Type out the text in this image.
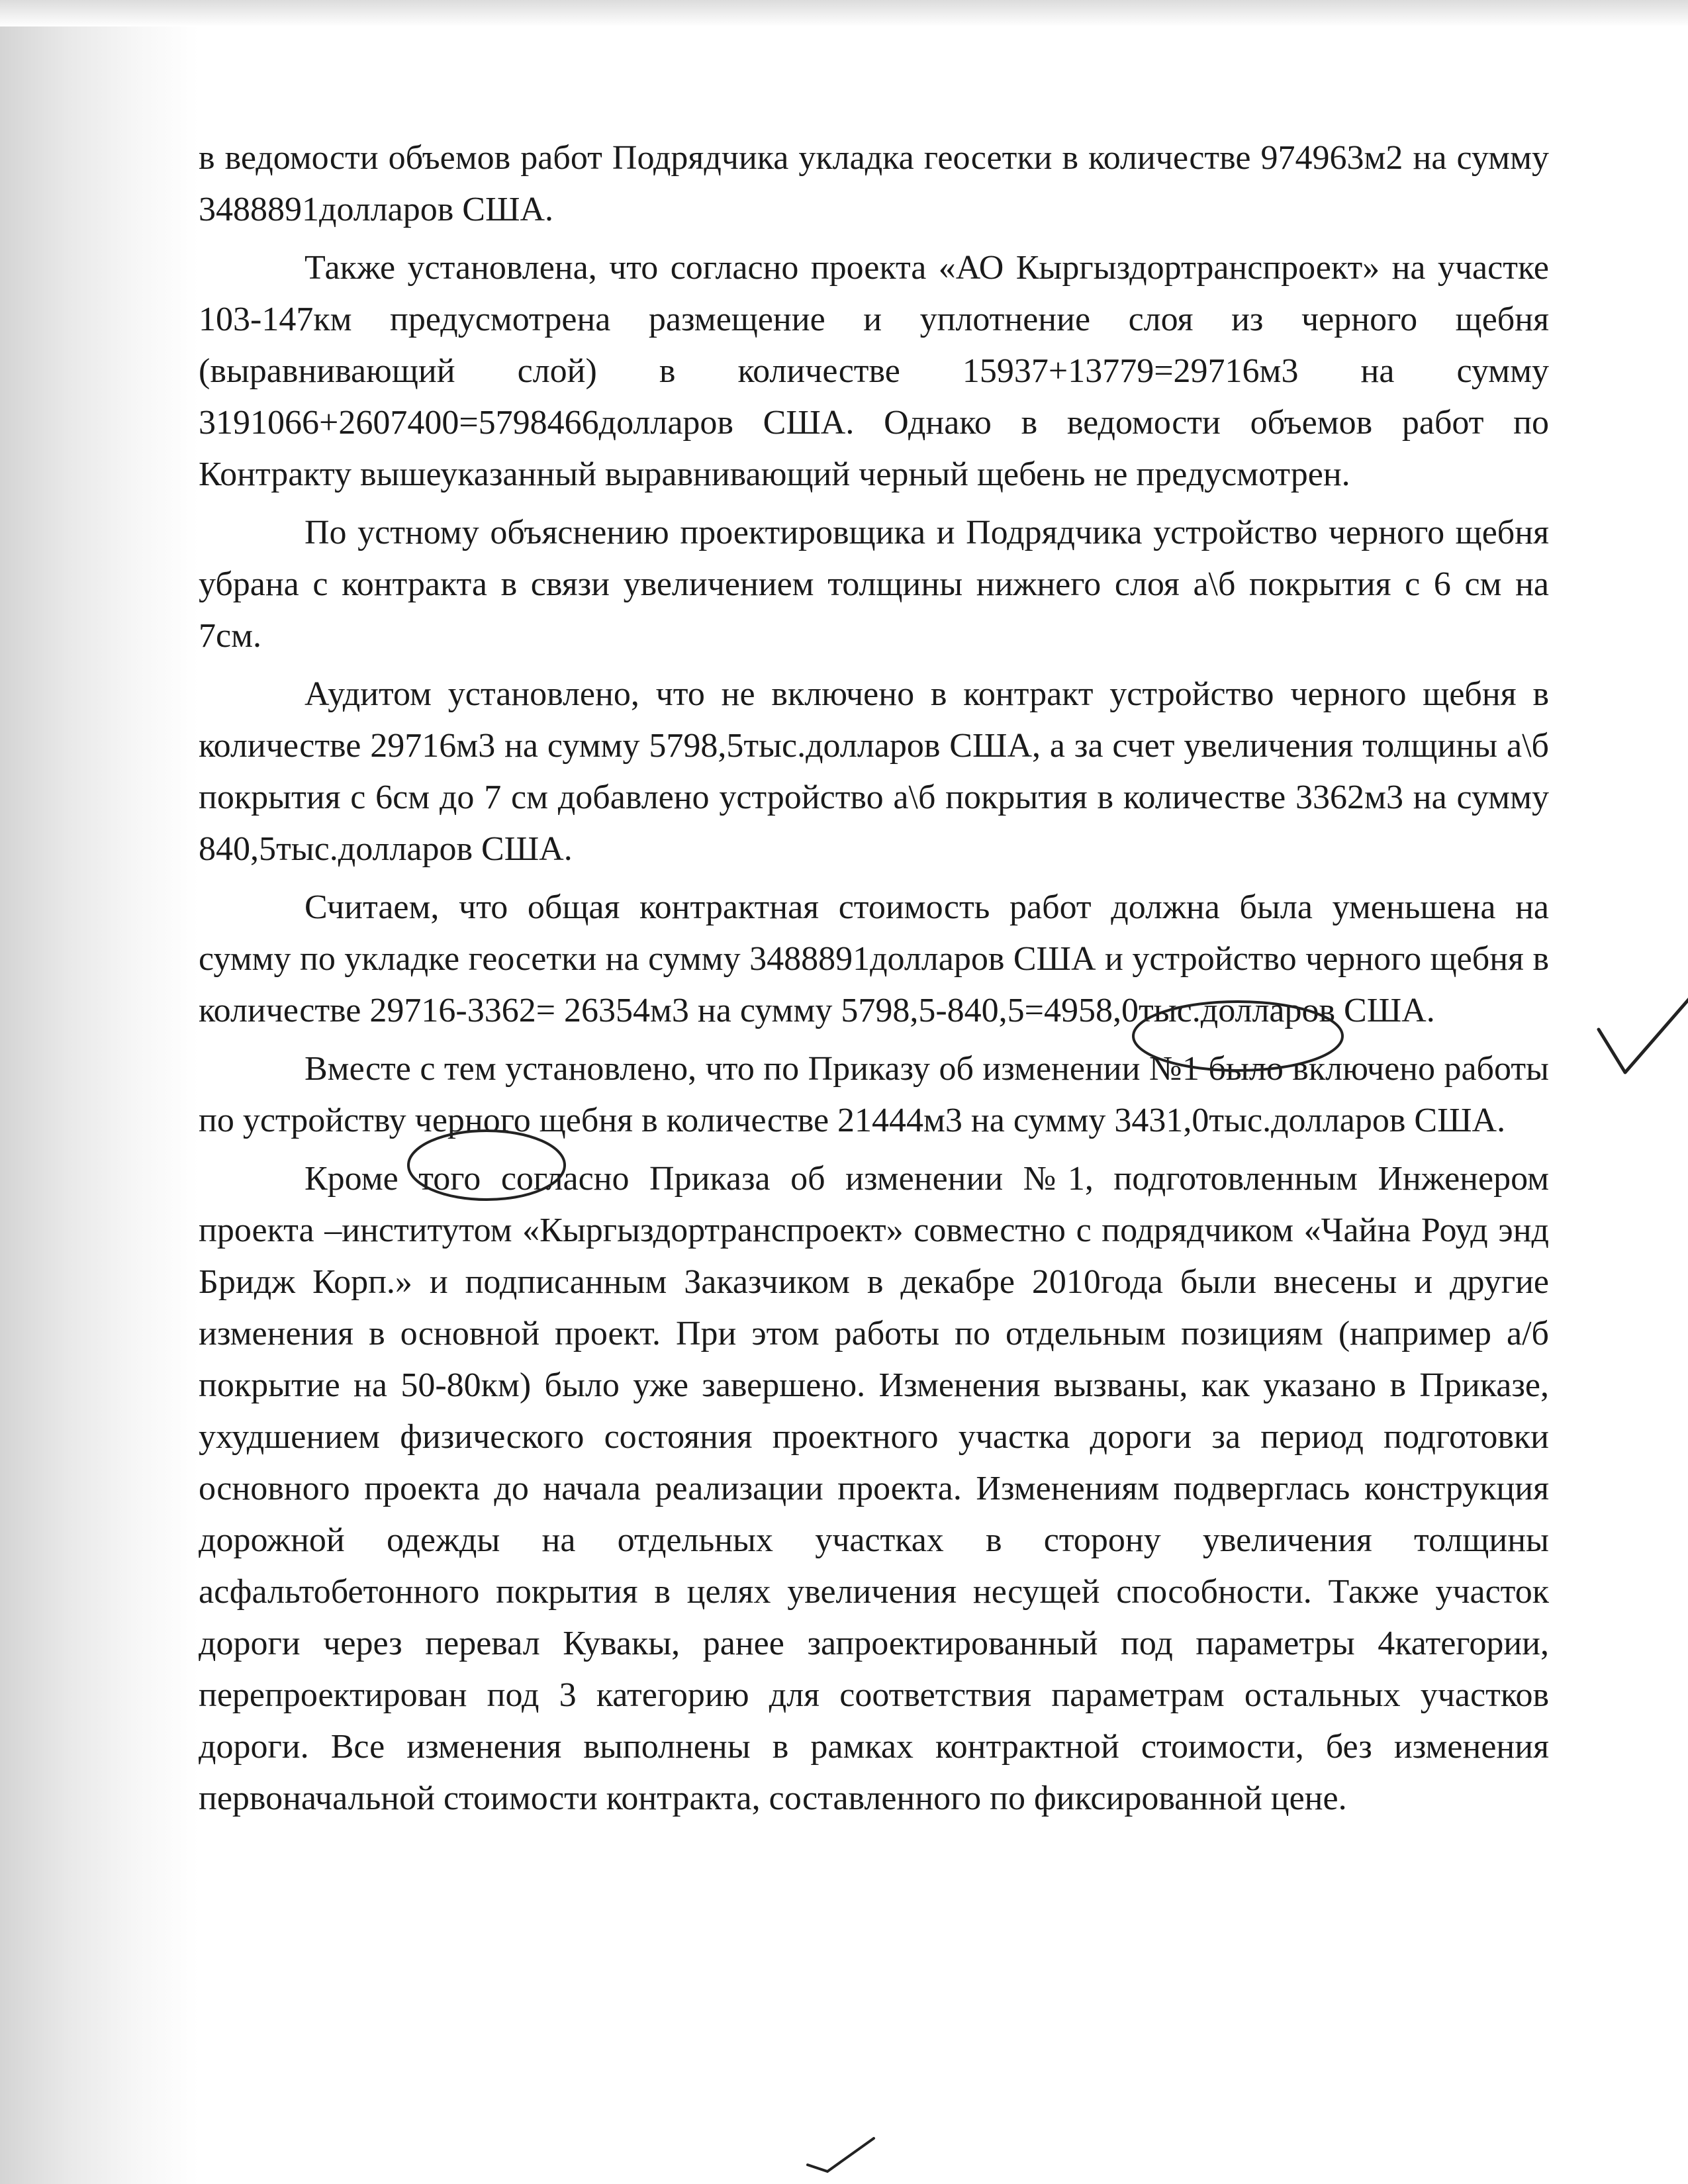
в ведомости объемов работ Подрядчика укладка геосетки в количестве 974963м2 на сумму 3488891долларов США.

Также установлена, что согласно проекта «АО Кыргыздортранспроект» на участке 103-147км предусмотрена размещение и уплотнение слоя из черного щебня (выравнивающий слой) в количестве 15937+13779=29716м3 на сумму 3191066+2607400=5798466долларов США. Однако в ведомости объемов работ по Контракту вышеуказанный выравнивающий черный щебень не предусмотрен.

По устному объяснению проектировщика и Подрядчика устройство черного щебня убрана с контракта в связи увеличением толщины нижнего слоя а\б покрытия с 6 см на 7см.

Аудитом установлено, что не включено в контракт устройство черного щебня в количестве 29716м3 на сумму 5798,5тыс.долларов США, а за счет увеличения толщины а\б покрытия с 6см до 7 см добавлено устройство а\б покрытия в количестве 3362м3 на сумму 840,5тыс.долларов США.

Считаем, что общая контрактная стоимость работ должна была уменьшена на сумму по укладке геосетки на сумму 3488891долларов США и устройство черного щебня в количестве 29716-3362= 26354м3 на сумму 5798,5-840,5=4958,0тыс.долларов США.

Вместе с тем установлено, что по Приказу об изменении №1 было включено работы по устройству черного щебня в количестве 21444м3 на сумму 3431,0тыс.долларов США.

Кроме того согласно Приказа об изменении №1, подготовленным Инженером проекта –институтом «Кыргыздортранспроект» совместно с подрядчиком «Чайна Роуд энд Бридж Корп.» и подписанным Заказчиком в декабре 2010года были внесены и другие изменения в основной проект. При этом работы по отдельным позициям (например а/б покрытие на 50-80км) было уже завершено. Изменения вызваны, как указано в Приказе, ухудшением физического состояния проектного участка дороги за период подготовки основного проекта до начала реализации проекта. Изменениям подверглась конструкция дорожной одежды на отдельных участках в сторону увеличения толщины асфальтобетонного покрытия в целях увеличения несущей способности. Также участок дороги через перевал Кувакы, ранее запроектированный под параметры 4категории, перепроектирован под 3 категорию для соответствия параметрам остальных участков дороги. Все изменения выполнены в рамках контрактной стоимости, без изменения первоначальной стоимости контракта, составленного по фиксированной цене.
